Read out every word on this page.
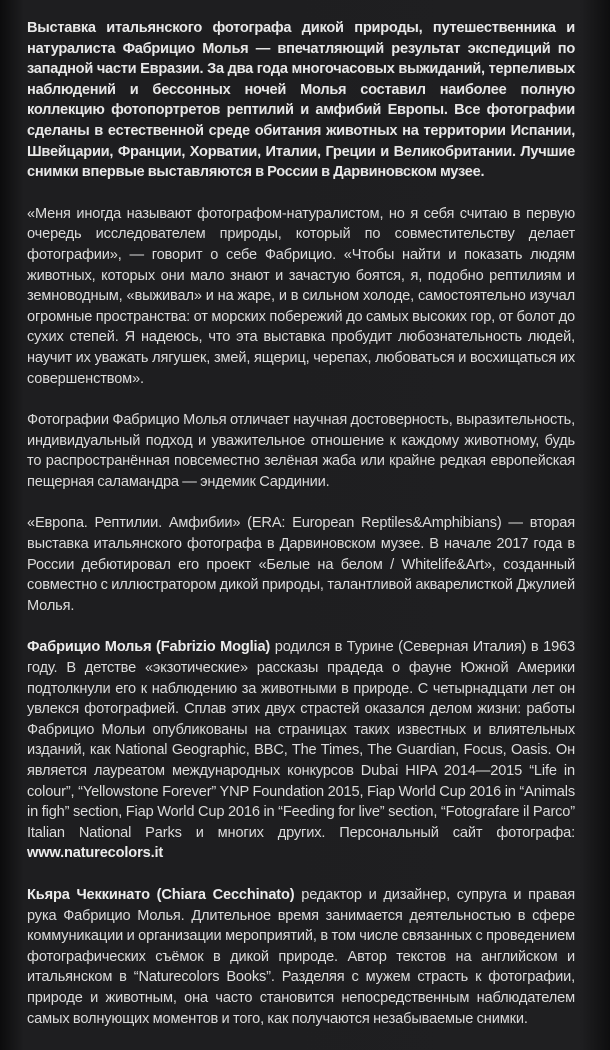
Выставка итальянского фотографа дикой природы, путешественника и натуралиста Фабрицио Молья — впечатляющий результат экспедиций по западной части Евразии. За два года многочасовых выжиданий, терпеливых наблюдений и бессонных ночей Молья составил наиболее полную коллекцию фотопортретов рептилий и амфибий Европы. Все фотографии сделаны в естественной среде обитания животных на территории Испании, Швейцарии, Франции, Хорватии, Италии, Греции и Великобритании. Лучшие снимки впервые выставляются в России в Дарвиновском музее.

«Меня иногда называют фотографом-натуралистом, но я себя считаю в первую очередь исследователем природы, который по совместительству делает фотографии», — говорит о себе Фабрицио. «Чтобы найти и показать людям животных, которых они мало знают и зачастую боятся, я, подобно рептилиям и земноводным, «выживал» и на жаре, и в сильном холоде, самостоятельно изучал огромные пространства: от морских побережий до самых высоких гор, от болот до сухих степей. Я надеюсь, что эта выставка пробудит любознательность людей, научит их уважать лягушек, змей, ящериц, черепах, любоваться и восхищаться их совершенством».

Фотографии Фабрицио Молья отличает научная достоверность, выразительность, индивидуальный подход и уважительное отношение к каждому животному, будь то распространённая повсеместно зелёная жаба или крайне редкая европейская пещерная саламандра — эндемик Сардинии.

«Европа. Рептилии. Амфибии» (ERA: European Reptiles&Amphibians) — вторая выставка итальянского фотографа в Дарвиновском музее. В начале 2017 года в России дебютировал его проект «Белые на белом / Whitelife&Art», созданный совместно с иллюстратором дикой природы, талантливой акварелисткой Джулией Молья.

Фабрицио Молья (Fabrizio Moglia) родился в Турине (Северная Италия) в 1963 году. В детстве «экзотические» рассказы прадеда о фауне Южной Америки подтолкнули его к наблюдению за животными в природе. С четырнадцати лет он увлекся фотографией. Сплав этих двух страстей оказался делом жизни: работы Фабрицио Мольи опубликованы на страницах таких известных и влиятельных изданий, как National Geographic, BBC, The Times, The Guardian, Focus, Oasis. Он является лауреатом международных конкурсов Dubai HIPA 2014—2015 “Life in colour”, “Yellowstone Forever” YNP Foundation 2015, Fiap World Cup 2016 in “Animals in figh” section, Fiap World Cup 2016 in “Feeding for live” section, “Fotografare il Parco” Italian National Parks и многих других. Персональный сайт фотографа: www.naturecolors.it

Кьяра Чеккинато (Chiara Cecchinato) редактор и дизайнер, супруга и правая рука Фабрицио Молья. Длительное время занимается деятельностью в сфере коммуникации и организации мероприятий, в том числе связанных с проведением фотографических съёмок в дикой природе. Автор текстов на английском и итальянском в “Naturecolors Books”. Разделяя с мужем страсть к фотографии, природе и животным, она часто становится непосредственным наблюдателем самых волнующих моментов и того, как получаются незабываемые снимки.
